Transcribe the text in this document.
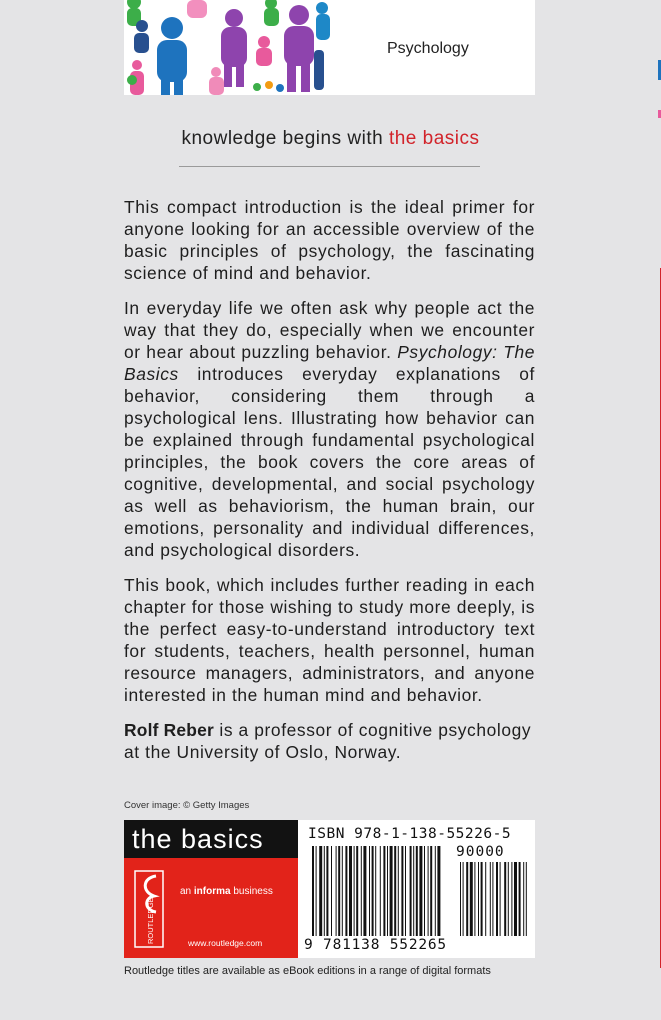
Psychology
knowledge begins with the basics

This compact introduction is the ideal primer for anyone looking for an accessible overview of the basic principles of psychology, the fascinating science of mind and behavior.

In everyday life we often ask why people act the way that they do, especially when we encounter or hear about puzzling behavior. Psychology: The Basics introduces everyday explanations of behavior, considering them through a psychological lens. Illustrating how behavior can be explained through fundamental psychological principles, the book covers the core areas of cognitive, developmental, and social psychology as well as behaviorism, the human brain, our emotions, personality and individual differences, and psychological disorders.

This book, which includes further reading in each chapter for those wishing to study more deeply, is the perfect easy-to-understand introductory text for students, teachers, health personnel, human resource managers, administrators, and anyone interested in the human mind and behavior.

Rolf Reber is a professor of cognitive psychology at the University of Oslo, Norway.

Cover image: © Getty Images
the basics
ROUTLEDGE
an informa business
www.routledge.com
ISBN 978-1-138-55226-5
90000
9 781138 552265
Routledge titles are available as eBook editions in a range of digital formats
